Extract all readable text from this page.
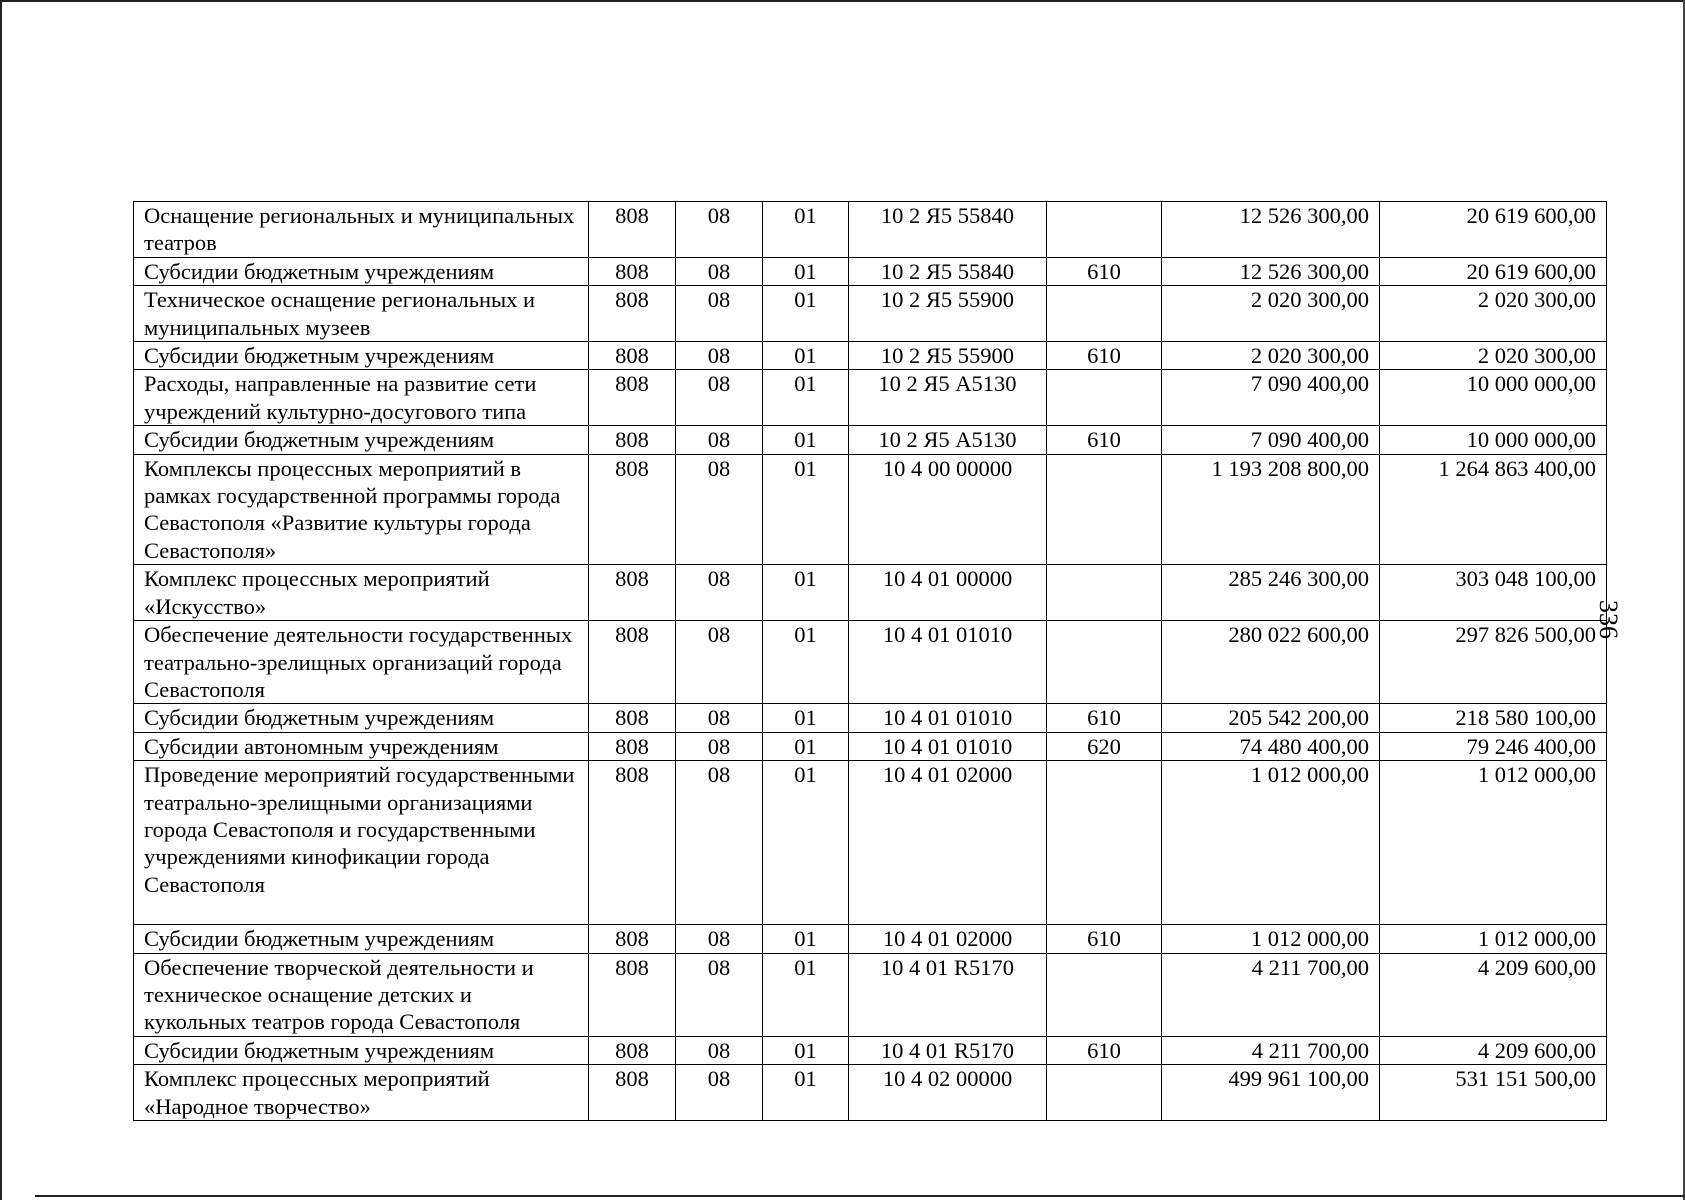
Оснащение региональных и муниципальных театров	808	08	01	10 2 Я5 55840		12 526 300,00	20 619 600,00
Субсидии бюджетным учреждениям	808	08	01	10 2 Я5 55840	610	12 526 300,00	20 619 600,00
Техническое оснащение региональных и муниципальных музеев	808	08	01	10 2 Я5 55900		2 020 300,00	2 020 300,00
Субсидии бюджетным учреждениям	808	08	01	10 2 Я5 55900	610	2 020 300,00	2 020 300,00
Расходы, направленные на развитие сети учреждений культурно-досугового типа	808	08	01	10 2 Я5 А5130		7 090 400,00	10 000 000,00
Субсидии бюджетным учреждениям	808	08	01	10 2 Я5 А5130	610	7 090 400,00	10 000 000,00
Комплексы процессных мероприятий в рамках государственной программы города Севастополя «Развитие культуры города Севастополя»	808	08	01	10 4 00 00000		1 193 208 800,00	1 264 863 400,00
Комплекс процессных мероприятий «Искусство»	808	08	01	10 4 01 00000		285 246 300,00	303 048 100,00
Обеспечение деятельности государственных театрально-зрелищных организаций города Севастополя	808	08	01	10 4 01 01010		280 022 600,00	297 826 500,00
Субсидии бюджетным учреждениям	808	08	01	10 4 01 01010	610	205 542 200,00	218 580 100,00
Субсидии автономным учреждениям	808	08	01	10 4 01 01010	620	74 480 400,00	79 246 400,00
Проведение мероприятий государственными театрально-зрелищными организациями города Севастополя и государственными учреждениями кинофикации города Севастополя	808	08	01	10 4 01 02000		1 012 000,00	1 012 000,00
Субсидии бюджетным учреждениям	808	08	01	10 4 01 02000	610	1 012 000,00	1 012 000,00
Обеспечение творческой деятельности и техническое оснащение детских и кукольных театров города Севастополя	808	08	01	10 4 01 R5170		4 211 700,00	4 209 600,00
Субсидии бюджетным учреждениям	808	08	01	10 4 01 R5170	610	4 211 700,00	4 209 600,00
Комплекс процессных мероприятий «Народное творчество»	808	08	01	10 4 02 00000		499 961 100,00	531 151 500,00
336
